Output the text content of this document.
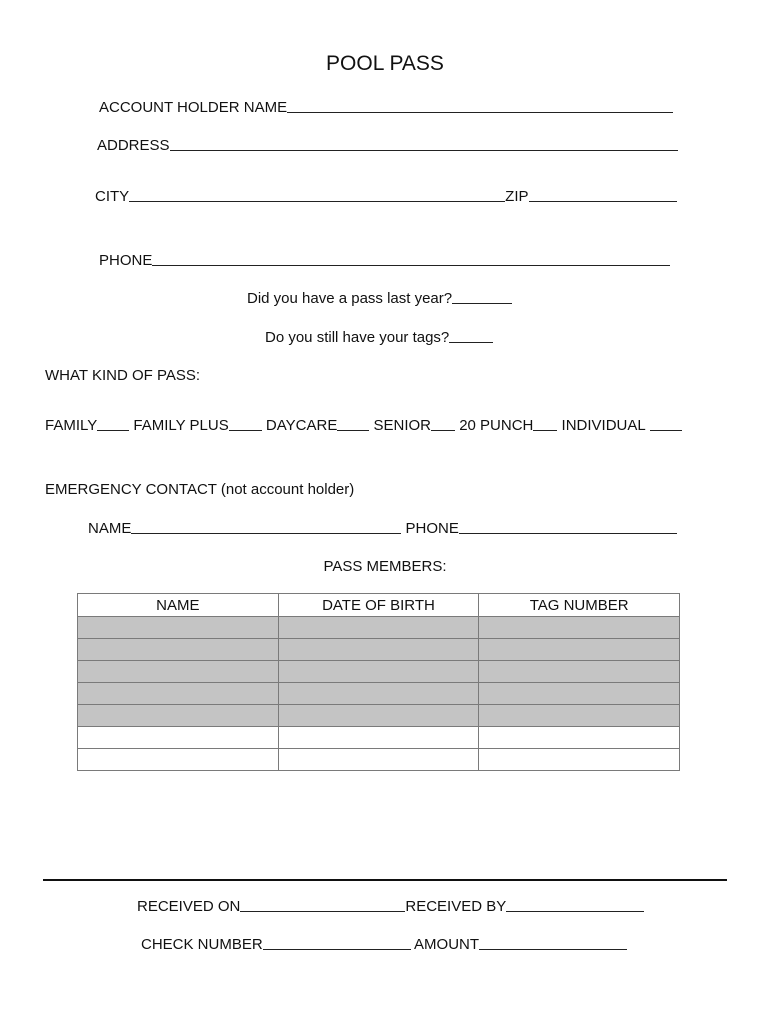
POOL PASS
ACCOUNT HOLDER NAME
ADDRESS
CITY	ZIP
PHONE
Did you have a pass last year?
Do you still have your tags?
WHAT KIND OF PASS:
FAMILY FAMILY PLUS DAYCARE SENIOR 20 PUNCH INDIVIDUAL
EMERGENCY CONTACT (not account holder)
NAME	PHONE
PASS MEMBERS:
NAME	DATE OF BIRTH	TAG NUMBER

RECEIVED ON	RECEIVED BY
CHECK NUMBER	AMOUNT
